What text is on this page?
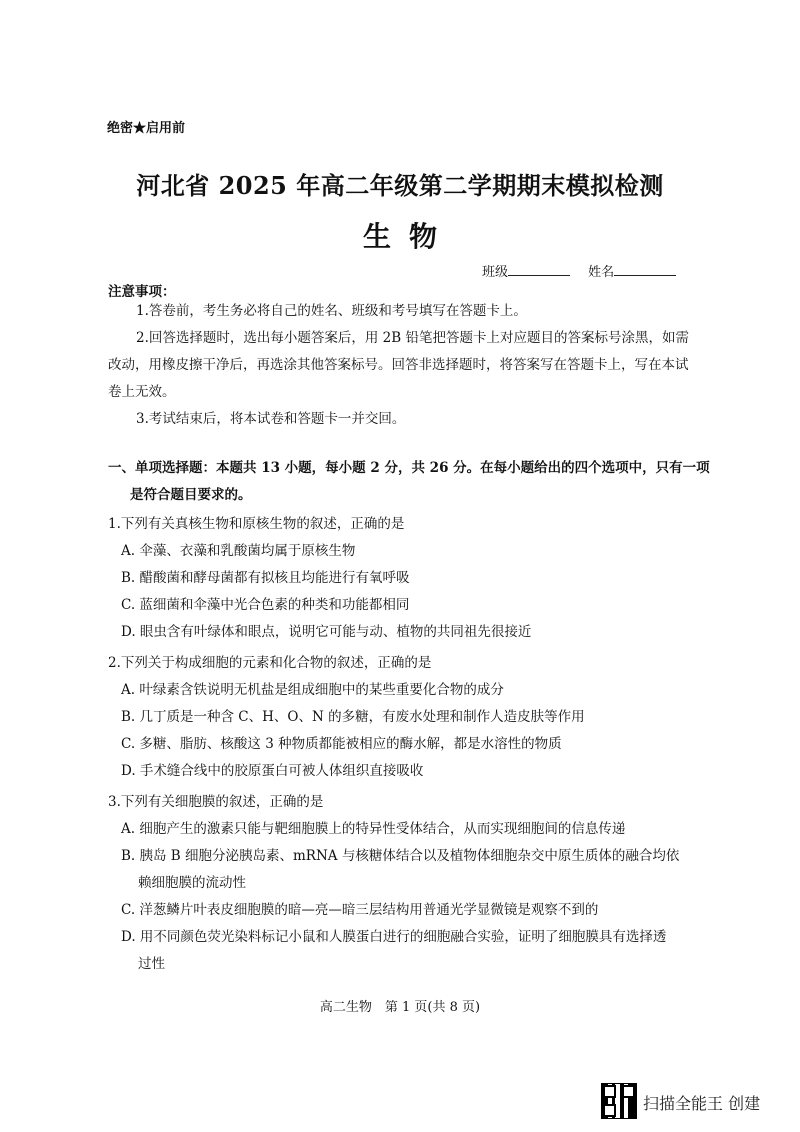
绝密★启用前
河北省 2025 年高二年级第二学期期末模拟检测
生物
班级	姓名
注意事项：
1.答卷前，考生务必将自己的姓名、班级和考号填写在答题卡上。
2.回答选择题时，选出每小题答案后，用 2B 铅笔把答题卡上对应题目的答案标号涂黑，如需
改动，用橡皮擦干净后，再选涂其他答案标号。回答非选择题时，将答案写在答题卡上，写在本试
卷上无效。
3.考试结束后，将本试卷和答题卡一并交回。
一、单项选择题：本题共 13 小题，每小题 2 分，共 26 分。在每小题给出的四个选项中，只有一项
是符合题目要求的。
1.下列有关真核生物和原核生物的叙述，正确的是
A. 伞藻、衣藻和乳酸菌均属于原核生物
B. 醋酸菌和酵母菌都有拟核且均能进行有氧呼吸
C. 蓝细菌和伞藻中光合色素的种类和功能都相同
D. 眼虫含有叶绿体和眼点，说明它可能与动、植物的共同祖先很接近
2.下列关于构成细胞的元素和化合物的叙述，正确的是
A. 叶绿素含铁说明无机盐是组成细胞中的某些重要化合物的成分
B. 几丁质是一种含 C、H、O、N 的多糖，有废水处理和制作人造皮肤等作用
C. 多糖、脂肪、核酸这 3 种物质都能被相应的酶水解，都是水溶性的物质
D. 手术缝合线中的胶原蛋白可被人体组织直接吸收
3.下列有关细胞膜的叙述，正确的是
A. 细胞产生的激素只能与靶细胞膜上的特异性受体结合，从而实现细胞间的信息传递
B. 胰岛 B 细胞分泌胰岛素、mRNA 与核糖体结合以及植物体细胞杂交中原生质体的融合均依
赖细胞膜的流动性
C. 洋葱鳞片叶表皮细胞膜的暗—亮—暗三层结构用普通光学显微镜是观察不到的
D. 用不同颜色荧光染料标记小鼠和人膜蛋白进行的细胞融合实验，证明了细胞膜具有选择透
过性
高二生物　第 1 页(共 8 页)
扫描全能王 创建
